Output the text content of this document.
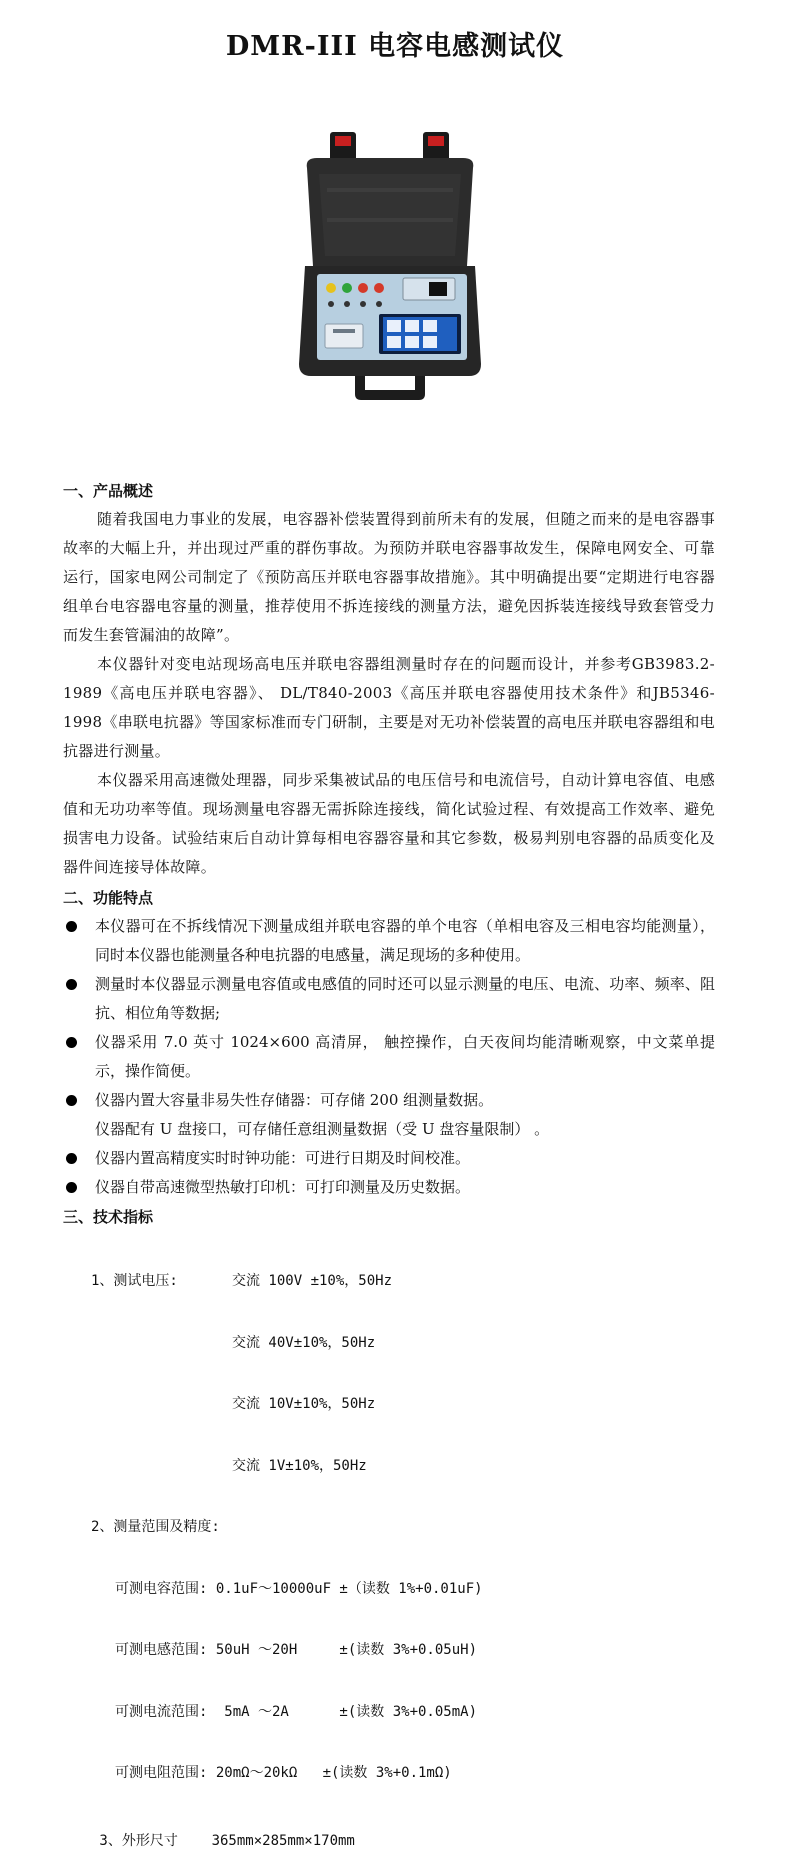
DMR-III 电容电感测试仪
一、产品概述
随着我国电力事业的发展，电容器补偿装置得到前所未有的发展，但随之而来的是电容器事故率的大幅上升，并出现过严重的群伤事故。为预防并联电容器事故发生，保障电网安全、可靠运行，国家电网公司制定了《预防高压并联电容器事故措施》。其中明确提出要“定期进行电容器组单台电容器电容量的测量，推荐使用不拆连接线的测量方法，避免因拆装连接线导致套管受力而发生套管漏油的故障”。
本仪器针对变电站现场高电压并联电容器组测量时存在的问题而设计，并参考GB3983.2-1989《高电压并联电容器》、 DL/T840-2003《高压并联电容器使用技术条件》和JB5346-1998《串联电抗器》等国家标准而专门研制，主要是对无功补偿装置的高电压并联电容器组和电抗器进行测量。
本仪器采用高速微处理器，同步采集被试品的电压信号和电流信号，自动计算电容值、电感值和无功功率等值。现场测量电容器无需拆除连接线，简化试验过程、有效提高工作效率、避免损害电力设备。试验结束后自动计算每相电容器容量和其它参数，极易判别电容器的品质变化及器件间连接导体故障。
二、功能特点
本仪器可在不拆线情况下测量成组并联电容器的单个电容（单相电容及三相电容均能测量），同时本仪器也能测量各种电抗器的电感量，满足现场的多种使用。
测量时本仪器显示测量电容值或电感值的同时还可以显示测量的电压、电流、功率、频率、阻抗、相位角等数据;
仪器采用 7.0 英寸 1024×600 高清屏， 触控操作，白天夜间均能清晰观察，中文菜单提示，操作简便。
仪器内置大容量非易失性存储器：可存储 200 组测量数据。
仪器配有 U 盘接口，可存储任意组测量数据（受 U 盘容量限制） 。
仪器内置高精度实时时钟功能：可进行日期及时间校准。
仪器自带高速微型热敏打印机：可打印测量及历史数据。
三、技术指标

1、测试电压:	交流 100V ±10%，50Hz

交流 40V±10%，50Hz

交流 10V±10%，50Hz

交流 1V±10%，50Hz

2、测量范围及精度:

可测电容范围: 0.1uF～10000uF ±（读数 1%+0.01uF)

可测电感范围: 50uH ～20H     ±(读数 3%+0.05uH)

可测电流范围:  5mA ～2A      ±(读数 3%+0.05mA)

可测电阻范围: 20mΩ～20kΩ   ±(读数 3%+0.1mΩ)

3、外形尺寸    365mm×285mm×170mm
